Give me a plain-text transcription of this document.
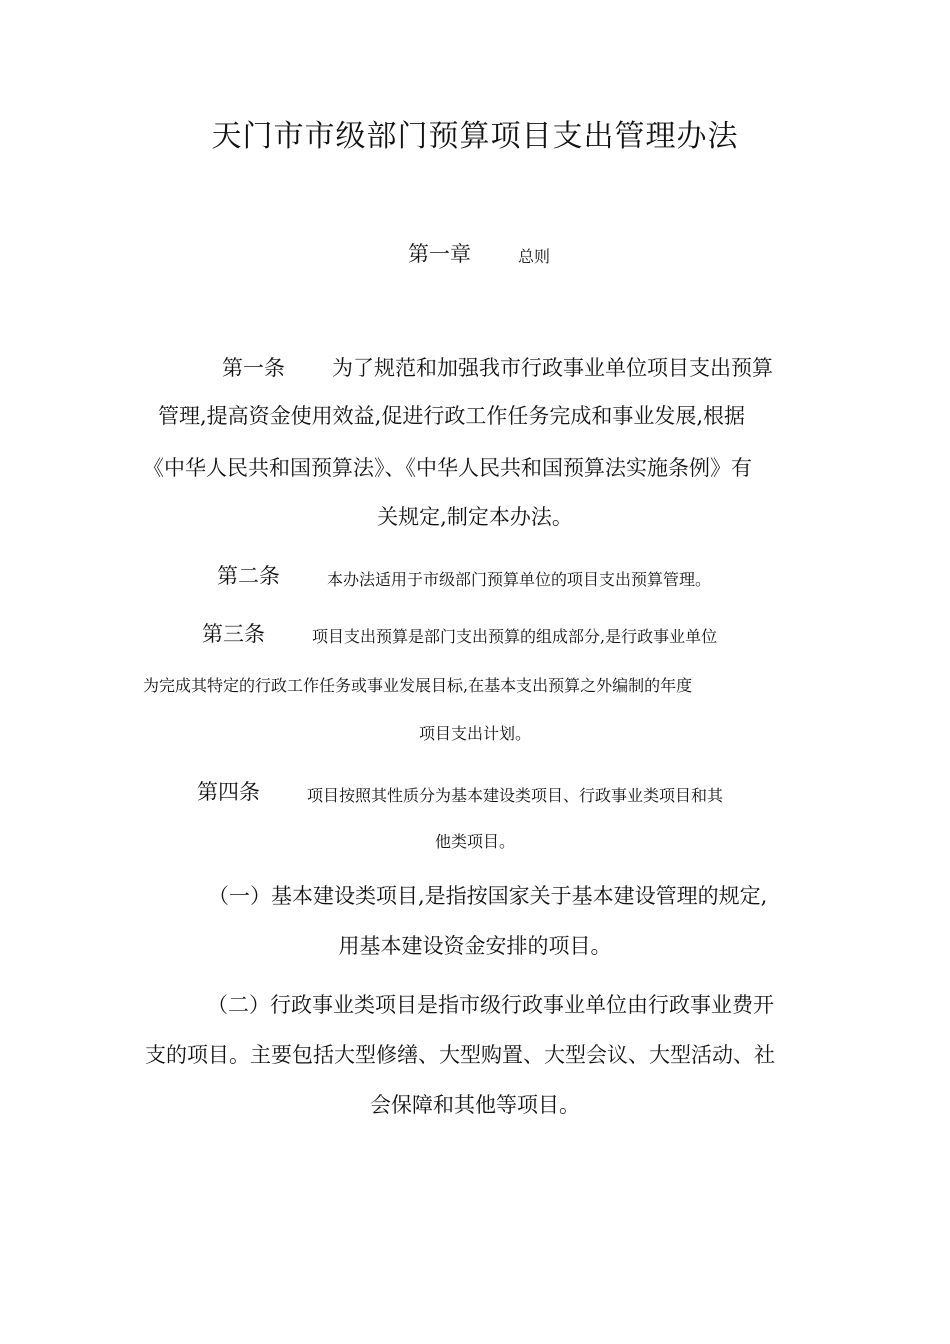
天门市市级部门预算项目支出管理办法
第一章	总则
第一条 为了规范和加强我市行政事业单位项目支出预算
管理,提高资金使用效益,促进行政工作任务完成和事业发展,根据
《中华人民共和国预算法》、《中华人民共和国预算法实施条例》有
关规定,制定本办法。
第二条	本办法适用于市级部门预算单位的项目支出预算管理。
第三条	项目支出预算是部门支出预算的组成部分,是行政事业单位
为完成其特定的行政工作任务或事业发展目标,在基本支出预算之外编制的年度
项目支出计划。
第四条	项目按照其性质分为基本建设类项目、行政事业类项目和其
他类项目。
（一）基本建设类项目,是指按国家关于基本建设管理的规定,
用基本建设资金安排的项目。
（二）行政事业类项目是指市级行政事业单位由行政事业费开
支的项目。主要包括大型修缮、大型购置、大型会议、大型活动、社
会保障和其他等项目。
